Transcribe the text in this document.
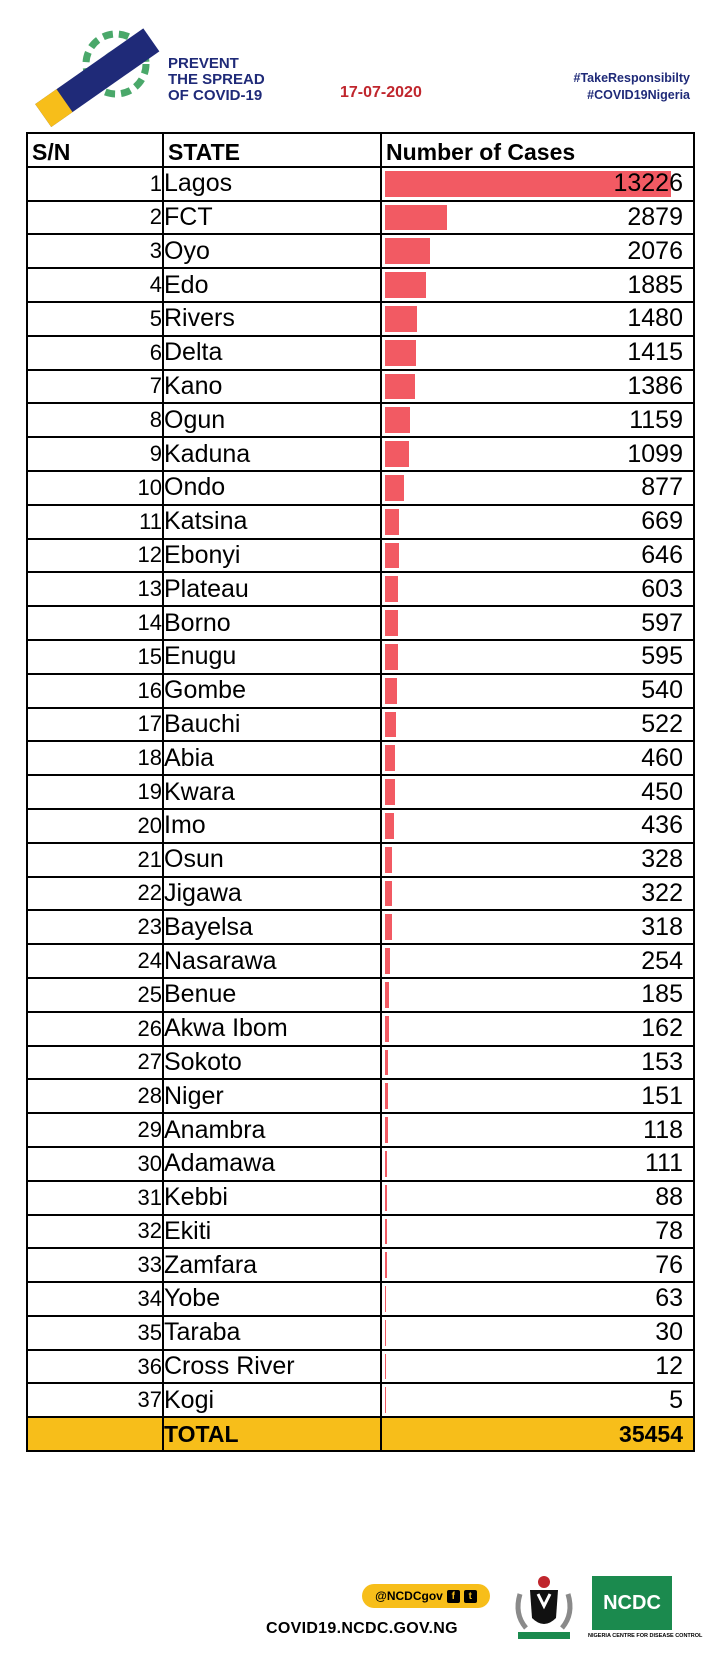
PREVENT
THE SPREAD
OF COVID-19	17-07-2020
#TakeResponsibilty
#COVID19Nigeria
S/N	STATE	Number of Cases
1	Lagos	13226

2	FCT	2879

3	Oyo	2076

4	Edo	1885

5	Rivers	1480

6	Delta	1415

7	Kano	1386

8	Ogun	1159

9	Kaduna	1099

10	Ondo	877

11	Katsina	669

12	Ebonyi	646

13	Plateau	603

14	Borno	597

15	Enugu	595

16	Gombe	540

17	Bauchi	522

18	Abia	460

19	Kwara	450

20	Imo	436

21	Osun	328

22	Jigawa	322

23	Bayelsa	318

24	Nasarawa	254

25	Benue	185

26	Akwa Ibom	162

27	Sokoto	153

28	Niger	151

29	Anambra	118

30	Adamawa	111

31	Kebbi	88

32	Ekiti	78

33	Zamfara	76

34	Yobe	63

35	Taraba	30

36	Cross River	12

37	Kogi	5

	TOTAL	35454
@NCDCgov f	t
COVID19.NCDC.GOV.NG
NCDC
NIGERIA CENTRE FOR DISEASE CONTROL
